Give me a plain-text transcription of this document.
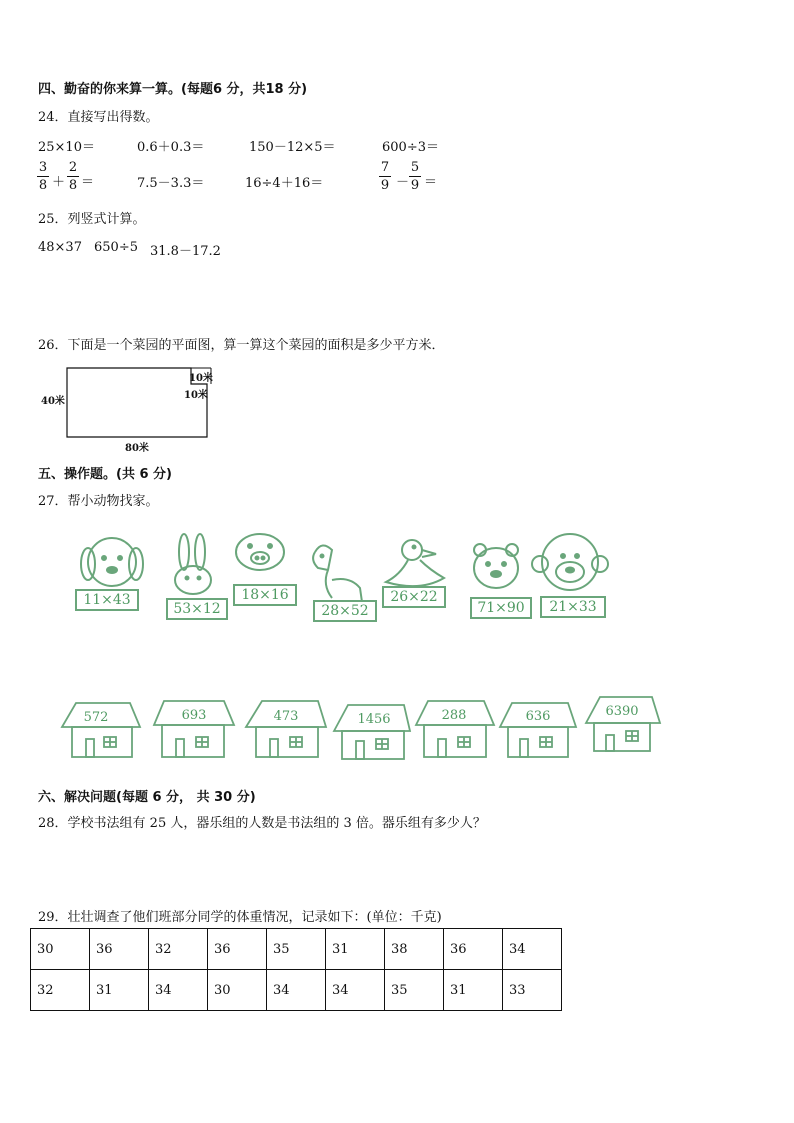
四、勤奋的你来算一算。(每题6 分，共18 分)
24．直接写出得数。
25×10＝	0.6＋0.3＝	150－12×5＝	600÷3＝
3
8 ＋
2
8 ＝	7.5－3.3＝	16÷4＋16＝
7
9 －
5
9 ＝
25．列竖式计算。
48×37 650÷5 31.8－17.2
26．下面是一个菜园的平面图，算一算这个菜园的面积是多少平方米．
40米
80米
10米
10米
五、操作题。(共 6 分)
27．帮小动物找家。
11×43
53×12
18×16
28×52
26×22
71×90	21×33
572	693	473	1456	288	636	6390
六、解决问题(每题 6 分， 共 30 分)
28．学校书法组有 25 人，器乐组的人数是书法组的 3 倍。器乐组有多少人？
29．壮壮调查了他们班部分同学的体重情况，记录如下：(单位：千克)
30	36	32	36	35	31	38	36	34
32	31	34	30	34	34	35	31	33
